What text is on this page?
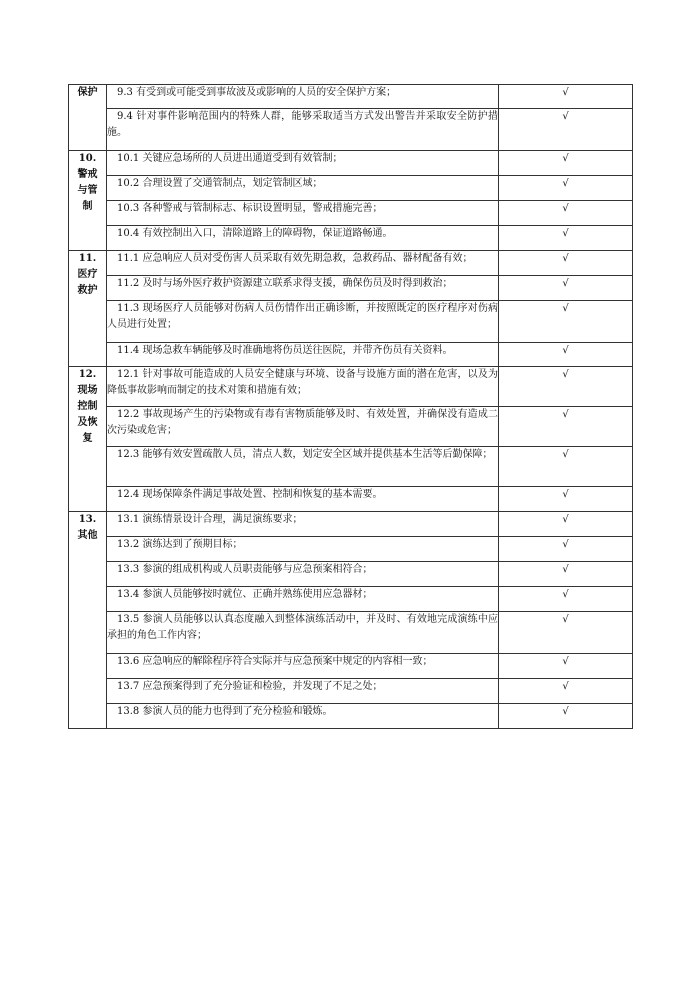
保护	9.3 有受到或可能受到事故波及或影响的人员的安全保护方案；	√
	9.4 针对事件影响范围内的特殊人群，能够采取适当方式发出警告并采取安全防护措施。	√
10. 警戒与管制	10.1 关键应急场所的人员进出通道受到有效管制；	√
	10.2 合理设置了交通管制点，划定管制区域；	√
	10.3 各种警戒与管制标志、标识设置明显，警戒措施完善；	√
	10.4 有效控制出入口，清除道路上的障碍物，保证道路畅通。	√
11. 医疗救护	11.1 应急响应人员对受伤害人员采取有效先期急救，急救药品、器材配备有效；	√
	11.2 及时与场外医疗救护资源建立联系求得支援，确保伤员及时得到救治；	√
	11.3 现场医疗人员能够对伤病人员伤情作出正确诊断，并按照既定的医疗程序对伤病人员进行处置；	√
	11.4 现场急救车辆能够及时准确地将伤员送往医院，并带齐伤员有关资料。	√
12. 现场控制及恢复	12.1 针对事故可能造成的人员安全健康与环境、设备与设施方面的潜在危害，以及为降低事故影响而制定的技术对策和措施有效；	√
	12.2 事故现场产生的污染物或有毒有害物质能够及时、有效处置，并确保没有造成二次污染或危害；	√
	12.3 能够有效安置疏散人员，清点人数，划定安全区域并提供基本生活等后勤保障；	√
	12.4 现场保障条件满足事故处置、控制和恢复的基本需要。	√
13. 其他	13.1 演练情景设计合理，满足演练要求；	√
	13.2 演练达到了预期目标；	√
	13.3 参演的组成机构或人员职责能够与应急预案相符合；	√
	13.4 参演人员能够按时就位、正确并熟练使用应急器材；	√
	13.5 参演人员能够以认真态度融入到整体演练活动中，并及时、有效地完成演练中应承担的角色工作内容；	√
	13.6 应急响应的解除程序符合实际并与应急预案中规定的内容相一致；	√
	13.7 应急预案得到了充分验证和检验，并发现了不足之处；	√
	13.8 参演人员的能力也得到了充分检验和锻炼。	√
